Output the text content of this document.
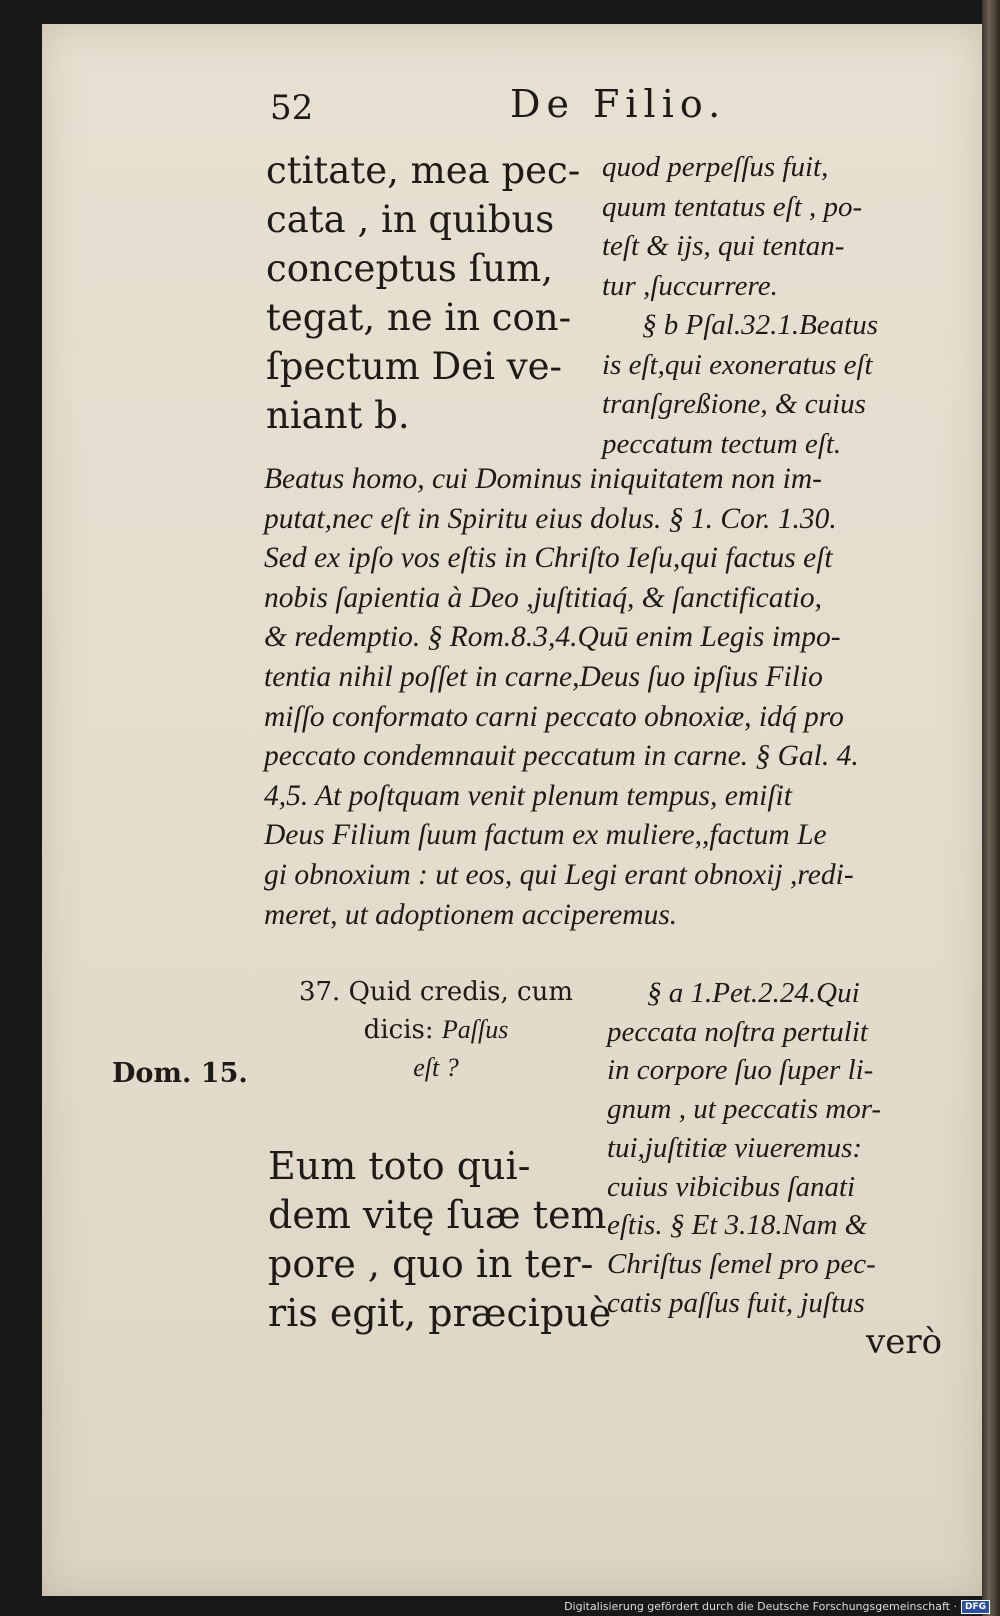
52	De Filio.
ctitate, mea pec-
cata , in quibus
conceptus ſum,
tegat, ne in con-
ſpectum Dei ve-
niant b.
quod perpeſſus fuit,
quum tentatus eſt , po-
teſt & ijs, qui tentan-
tur ,ſuccurrere.
§ b Pſal.32.1.Beatus
is eſt,qui exoneratus eſt
tranſgreßione, & cuius
peccatum tectum eſt.
Beatus homo, cui Dominus iniquitatem non im-
putat,nec eſt in Spiritu eius dolus. § 1. Cor. 1.30.
Sed ex ipſo vos eſtis in Chriſto Ieſu,qui factus eſt
nobis ſapientia à Deo ,juſtitiaq́, & ſanctificatio,
& redemptio. § Rom.8.3,4.Quū enim Legis impo-
tentia nihil poſſet in carne,Deus ſuo ipſius Filio
miſſo conformato carni peccato obnoxiæ, idq́ pro
peccato condemnauit peccatum in carne. § Gal. 4.
4,5. At poſtquam venit plenum tempus, emiſit
Deus Filium ſuum factum ex muliere,,factum Le
gi obnoxium : ut eos, qui Legi erant obnoxij ,redi-
meret, ut adoptionem acciperemus.
37. Quid credis, cum
dicis: Paſſus
eſt ?
Dom. 15.
Eum toto qui-
dem vitę ſuæ tem
pore , quo in ter-
ris egit, præcipuè
§ a 1.Pet.2.24.Qui
peccata noſtra pertulit
in corpore ſuo ſuper li-
gnum , ut peccatis mor-
tui,juſtitiæ viueremus:
cuius vibicibus ſanati
eſtis. § Et 3.18.Nam &
Chriſtus ſemel pro pec-
catis paſſus fuit, juſtus
verò
Digitalisierung gefördert durch die Deutsche Forschungsgemeinschaft · DFG
